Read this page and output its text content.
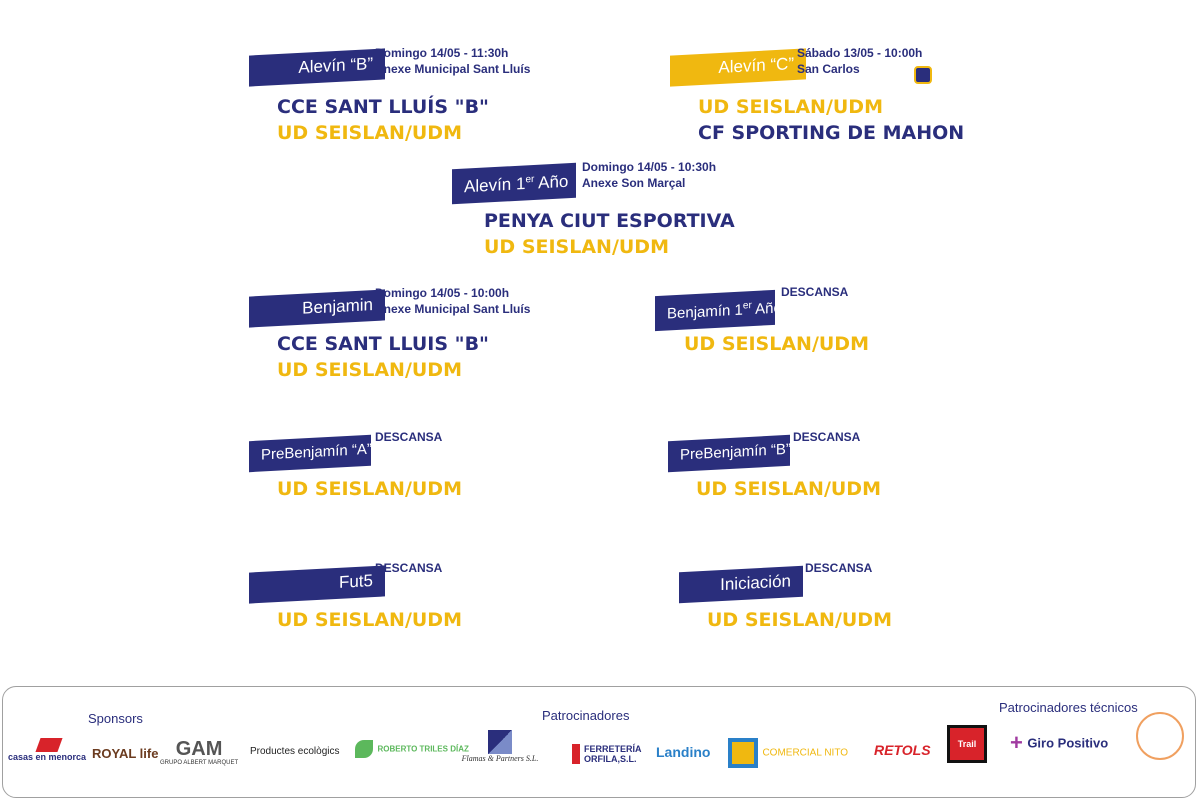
Alevín “B”
Domingo 14/05 - 11:30h
Anexe Municipal Sant Lluís
CCE SANT LLUÍS "B"
UD SEISLAN/UDM
Alevín “C”
Sábado 13/05 - 10:00h
San Carlos
UD SEISLAN/UDM
CF SPORTING DE MAHON
Alevín 1er Año
Domingo 14/05 - 10:30h
Anexe Son Marçal
PENYA CIUT ESPORTIVA
UD SEISLAN/UDM
Benjamin
Domingo 14/05 - 10:00h
Anexe Municipal Sant Lluís
CCE SANT LLUIS "B"
UD SEISLAN/UDM
Benjamín 1er Año
DESCANSA
UD SEISLAN/UDM
PreBenjamín “A”
DESCANSA
UD SEISLAN/UDM
PreBenjamín “B”
DESCANSA
UD SEISLAN/UDM
Fut5
DESCANSA
UD SEISLAN/UDM
Iniciación
DESCANSA
UD SEISLAN/UDM
Sponsors	Patrocinadores
Patrocinadores técnicos
casas en menorca ROYAL life GAM
GRUPO ALBERT MARQUET
Productes ecològics	ROBERTO TRILES DÍAZ
Flamas & Partners S.L.
FERRETERÍA ORFILA,S.L.	Landino	COMERCIAL NITO RETOLS	Trail	+ Giro Positivo
